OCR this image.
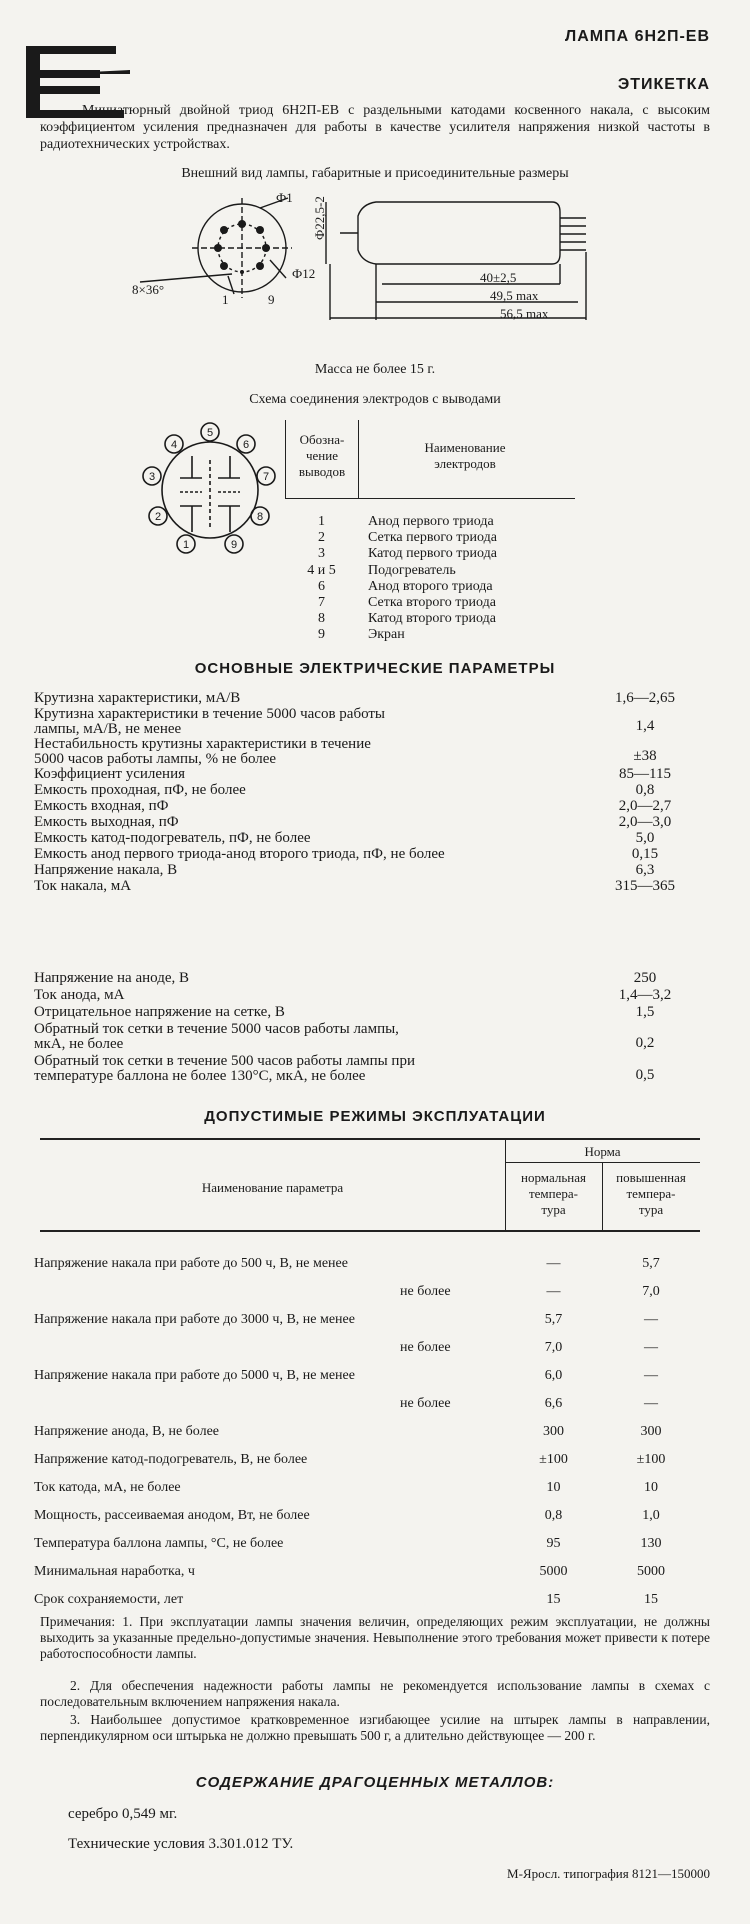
ЛАМПА 6Н2П-ЕВ
ЭТИКЕТКА
Миниатюрный двойной триод 6Н2П-ЕВ с раздельными катодами косвенного накала, с высоким коэффициентом усиления предназначен для работы в качестве усилителя напряжения низкой частоты в радиотехнических устройствах.
Внешний вид лампы, габаритные и присоединительные размеры
Ф1
Ф12
8×36°
1	9
Ф22,5-2
40±2,5
49,5 max
56,5 max
Масса не более 15 г.
Схема соединения электродов с выводами
5
6
7
8
9
1
2
3
4	Обозна-
чение
выводов
Наименование
электродов
1	Анод первого триода
2	Сетка первого триода
3	Катод первого триода
4 и 5	Подогреватель
6	Анод второго триода
7	Сетка второго триода
8	Катод второго триода
9	Экран
ОСНОВНЫЕ ЭЛЕКТРИЧЕСКИЕ ПАРАМЕТРЫ
Крутизна характеристики, мА/В	1,6—2,65
Крутизна характеристики в течение 5000 часов работы
лампы, мА/В, не менее	1,4
Нестабильность крутизны характеристики в течение
5000 часов работы лампы, % не более	±38
Коэффициент усиления	85—115
Емкость проходная, пФ, не более	0,8
Емкость входная, пФ	2,0—2,7
Емкость выходная, пФ	2,0—3,0
Емкость катод-подогреватель, пФ, не более	5,0
Емкость анод первого триода-анод второго триода, пФ, не более	0,15
Напряжение накала, В	6,3
Ток накала, мА	315—365
Напряжение на аноде, В	250
Ток анода, мА	1,4—3,2
Отрицательное напряжение на сетке, В	1,5
Обратный ток сетки в течение 5000 часов работы лампы,
мкА, не более	0,2
Обратный ток сетки в течение 500 часов работы лампы при
температуре баллона не более 130°С, мкА, не более	0,5
ДОПУСТИМЫЕ РЕЖИМЫ ЭКСПЛУАТАЦИИ
Наименование параметра
Норма
нормальная
темпера-
тура
повышенная
темпера-
тура
Напряжение накала при работе до 500 ч, В, не менее	—	5,7
не более	—	7,0
Напряжение накала при работе до 3000 ч, В, не менее	5,7	—
не более	7,0	—
Напряжение накала при работе до 5000 ч, В, не менее	6,0	—
не более	6,6	—
Напряжение анода, В, не более	300	300
Напряжение катод-подогреватель, В, не более	±100	±100
Ток катода, мА, не более	10	10
Мощность, рассеиваемая анодом, Вт, не более	0,8	1,0
Температура баллона лампы, °С, не более	95	130
Минимальная наработка, ч	5000	5000
Срок сохраняемости, лет	15	15
Примечания: 1. При эксплуатации лампы значения величин, определяющих режим эксплуатации, не должны выходить за указанные предельно-допустимые значения. Невыполнение этого требования может привести к потере работоспособности лампы.
2. Для обеспечения надежности работы лампы не рекомендуется использование лампы в схемах с последовательным включением напряжения накала.
3. Наибольшее допустимое кратковременное изгибающее усилие на штырек лампы в направлении, перпендикулярном оси штырька не должно превышать 500 г, а длительно действующее — 200 г.
СОДЕРЖАНИЕ ДРАГОЦЕННЫХ МЕТАЛЛОВ:
серебро 0,549 мг.
Технические условия 3.301.012 ТУ.
М-Яросл. типография 8121—150000
